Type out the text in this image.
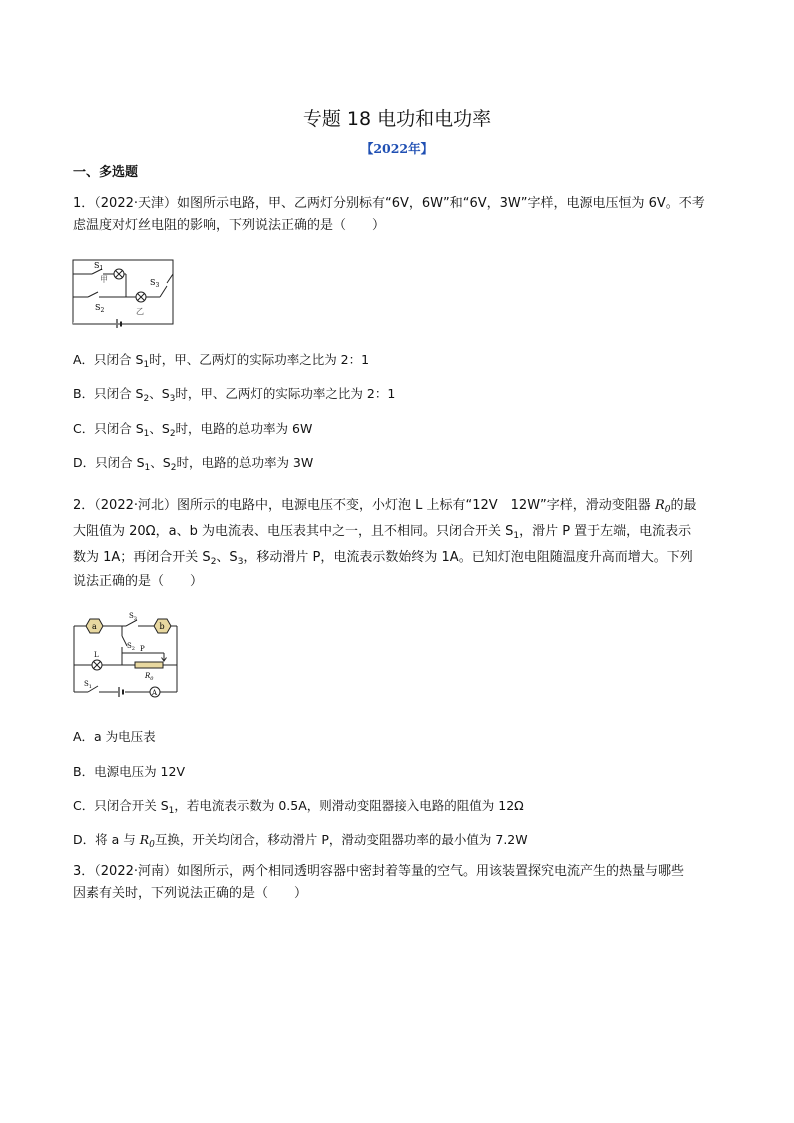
专题 18 电功和电功率
【2022年】
一、多选题
1．（2022·天津）如图所示电路，甲、乙两灯分别标有“6V，6W”和“6V，3W”字样，电源电压恒为 6V。不考
虑温度对灯丝电阻的影响，下列说法正确的是（　　）
$S_1$
甲	$S_3$
$S_2$	乙
A．只闭合 $S_1$时，甲、乙两灯的实际功率之比为 2：1
B．只闭合 $S_2$、$S_3$时，甲、乙两灯的实际功率之比为 2：1
C．只闭合 $S_1$、$S_2$时，电路的总功率为 6W
D．只闭合 $S_1$、$S_2$时，电路的总功率为 3W
2．（2022·河北）图所示的电路中，电源电压不变，小灯泡 L 上标有“12V　12W”字样，滑动变阻器 $R_0$的最
大阻值为 20Ω，a、b 为电流表、电压表其中之一，且不相同。只闭合开关 $S_1$，滑片 P 置于左端，电流表示
数为 1A；再闭合开关 $S_2$、$S_3$，移动滑片 P，电流表示数始终为 1A。已知灯泡电阻随温度升高而增大。下列
说法正确的是（　　）
a	b
A
$S_3$
$S_2$
L
P
$R_0$
$S_1$
A．a 为电压表
B．电源电压为 12V
C．只闭合开关 $S_1$，若电流表示数为 0.5A，则滑动变阻器接入电路的阻值为 12Ω
D．将 a 与 $R_0$互换，开关均闭合，移动滑片 P，滑动变阻器功率的最小值为 7.2W
3．（2022·河南）如图所示，两个相同透明容器中密封着等量的空气。用该装置探究电流产生的热量与哪些
因素有关时，下列说法正确的是（　　）
